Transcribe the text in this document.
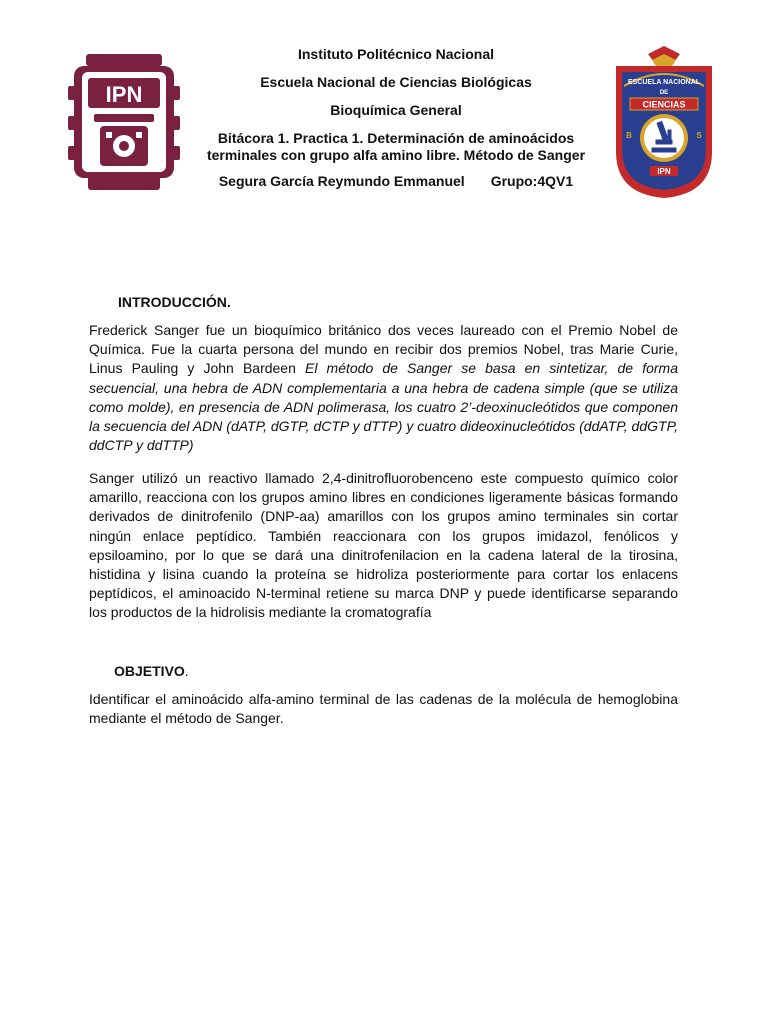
IPN
Instituto Politécnico Nacional
Escuela Nacional de Ciencias Biológicas
Bioquímica General
Bitácora 1. Practica 1. Determinación de aminoácidos
terminales con grupo alfa amino libre. Método de Sanger
Segura García Reymundo Emmanuel Grupo:4QV1
ESCUELA NACIONAL
DE
CIENCIAS
B	S
IPN
INTRODUCCIÓN.

Frederick Sanger fue un bioquímico británico dos veces laureado con el Premio Nobel de Química. Fue la cuarta persona del mundo en recibir dos premios Nobel, tras Marie Curie, Linus Pauling y John Bardeen El método de Sanger se basa en sintetizar, de forma secuencial, una hebra de ADN complementaria a una hebra de cadena simple (que se utiliza como molde), en presencia de ADN polimerasa, los cuatro 2’-deoxinucleótidos que componen la secuencia del ADN (dATP, dGTP, dCTP y dTTP) y cuatro dideoxinucleótidos (ddATP, ddGTP, ddCTP y ddTTP)

Sanger utilizó un reactivo llamado 2,4-dinitrofluorobenceno este compuesto químico color amarillo, reacciona con los grupos amino libres en condiciones ligeramente básicas formando derivados de dinitrofenilo (DNP-aa) amarillos con los grupos amino terminales sin cortar ningún enlace peptídico. También reaccionara con los grupos imidazol, fenólicos y epsiloamino, por lo que se dará una dinitrofenilacion en la cadena lateral de la tirosina, histidina y lisina cuando la proteína se hidroliza posteriormente para cortar los enlacens peptídicos, el aminoacido N-terminal retiene su marca DNP y puede identificarse separando los productos de la hidrolisis mediante la cromatografía

OBJETIVO.

Identificar el aminoácido alfa-amino terminal de las cadenas de la molécula de hemoglobina mediante el método de Sanger.
